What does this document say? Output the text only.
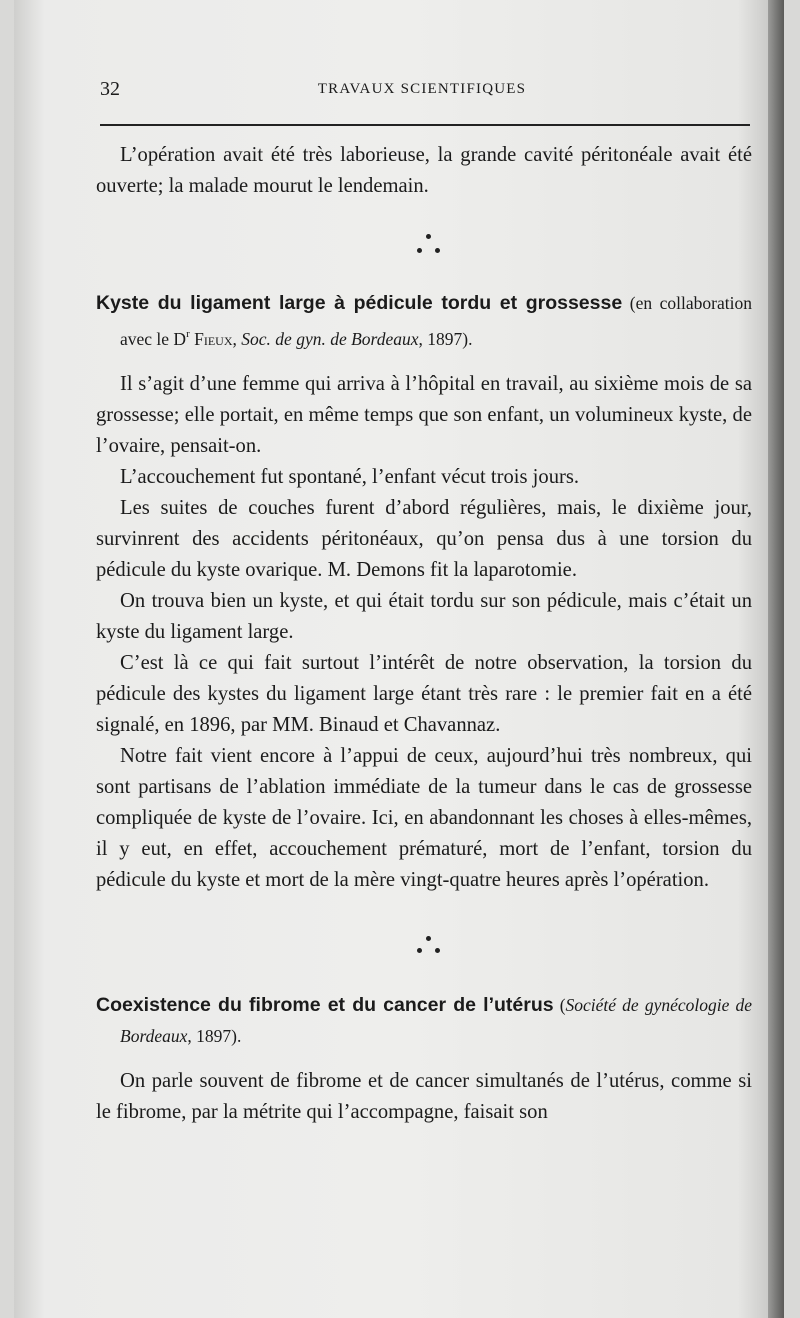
32	TRAVAUX SCIENTIFIQUES

L’opération avait été très laborieuse, la grande cavité péritonéale avait été ouverte; la malade mourut le lendemain.

Kyste du ligament large à pédicule tordu et grossesse (en collaboration avec le $D^r$ Fieux, Soc. de gyn. de Bordeaux, 1897).

Il s’agit d’une femme qui arriva à l’hôpital en travail, au sixième mois de sa grossesse; elle portait, en même temps que son enfant, un volumineux kyste, de l’ovaire, pensait-on.

L’accouchement fut spontané, l’enfant vécut trois jours.

Les suites de couches furent d’abord régulières, mais, le dixième jour, survinrent des accidents péritonéaux, qu’on pensa dus à une torsion du pédicule du kyste ovarique. M. Demons fit la laparotomie.

On trouva bien un kyste, et qui était tordu sur son pédicule, mais c’était un kyste du ligament large.

C’est là ce qui fait surtout l’intérêt de notre observation, la torsion du pédicule des kystes du ligament large étant très rare : le premier fait en a été signalé, en 1896, par MM. Binaud et Chavannaz.

Notre fait vient encore à l’appui de ceux, aujourd’hui très nombreux, qui sont partisans de l’ablation immédiate de la tumeur dans le cas de grossesse compliquée de kyste de l’ovaire. Ici, en abandonnant les choses à elles-mêmes, il y eut, en effet, accouchement prématuré, mort de l’enfant, torsion du pédicule du kyste et mort de la mère vingt-quatre heures après l’opération.

Coexistence du fibrome et du cancer de l’utérus (Société de gynécologie de Bordeaux, 1897).

On parle souvent de fibrome et de cancer simultanés de l’utérus, comme si le fibrome, par la métrite qui l’accompagne, faisait son
